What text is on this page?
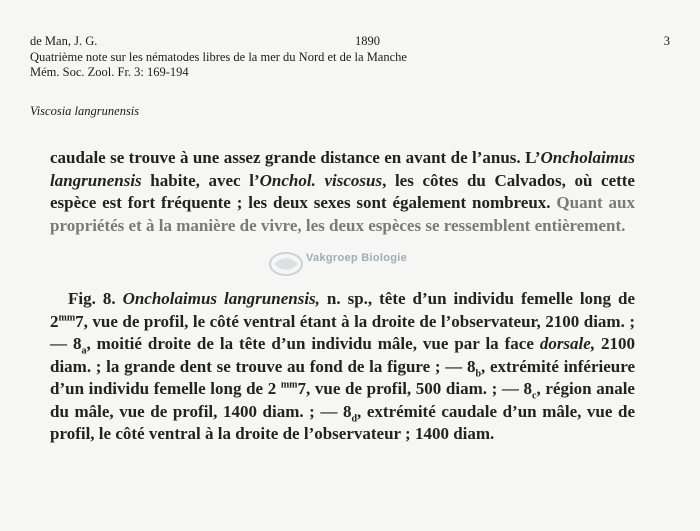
de Man, J. G.	1890	3
Quatrième note sur les nématodes libres de la mer du Nord et de la Manche
Mém. Soc. Zool. Fr. 3: 169-194
Viscosia langrunensis
caudale se trouve à une assez grande distance en avant de l’anus. L’Oncholaimus langrunensis habite, avec l’Onchol. viscosus, les côtes du Calvados, où cette espèce est fort fréquente ; les deux sexes sont également nombreux. Quant aux propriétés et à la manière de vivre, les deux espèces se ressemblent entièrement.
Vakgroep Biologie
Fig. 8. Oncholaimus langrunensis, n. sp., tête d’un individu femelle long de $2^{mm}7$, vue de profil, le côté ventral étant à la droite de l’observateur, 2100 diam. ; — $8_a$, moitié droite de la tête d’un individu mâle, vue par la face dorsale, 2100 diam. ; la grande dent se trouve au fond de la figure ; — $8_b$, extrémité inférieure d’un individu femelle long de 2 $^{mm}$7, vue de profil, 500 diam. ; — $8_c$, région anale du mâle, vue de profil, 1400 diam. ; — $8_d$, extrémité caudale d’un mâle, vue de profil, le côté ventral à la droite de l’observateur ; 1400 diam.
